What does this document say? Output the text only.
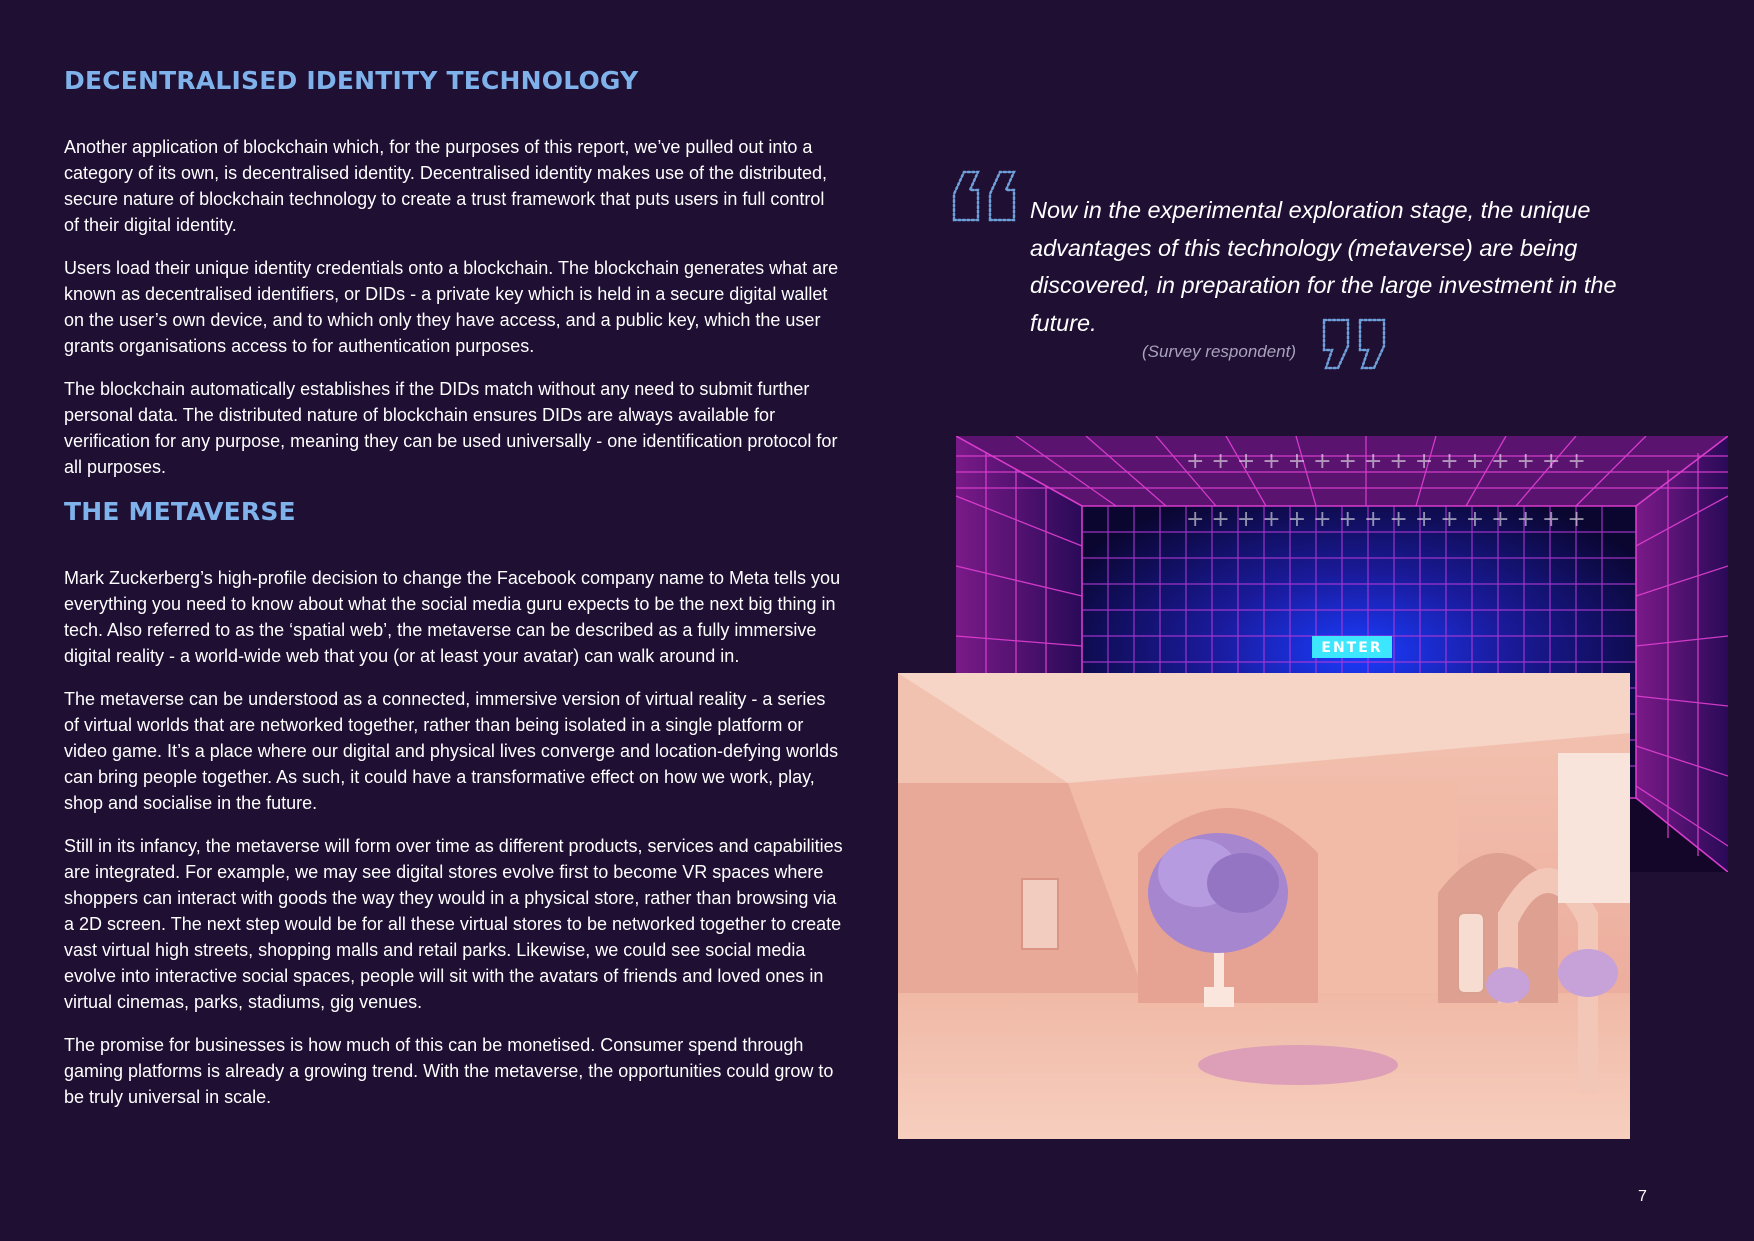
DECENTRALISED IDENTITY TECHNOLOGY

Another application of blockchain which, for the purposes of this report, we’ve pulled out into a category of its own, is decentralised identity. Decentralised identity makes use of the distributed, secure nature of blockchain technology to create a trust framework that puts users in full control of their digital identity.

Users load their unique identity credentials onto a blockchain. The blockchain generates what are known as decentralised identifiers, or DIDs - a private key which is held in a secure digital wallet on the user’s own device, and to which only they have access, and a public key, which the user grants organisations access to for authentication purposes.

The blockchain automatically establishes if the DIDs match without any need to submit further personal data. The distributed nature of blockchain ensures DIDs are always available for verification for any purpose, meaning they can be used universally - one identification protocol for all purposes.

THE METAVERSE

Mark Zuckerberg’s high-profile decision to change the Facebook company name to Meta tells you everything you need to know about what the social media guru expects to be the next big thing in tech. Also referred to as the ‘spatial web’, the metaverse can be described as a fully immersive digital reality - a world-wide web that you (or at least your avatar) can walk around in.

The metaverse can be understood as a connected, immersive version of virtual reality - a series of virtual worlds that are networked together, rather than being isolated in a single platform or video game. It’s a place where our digital and physical lives converge and location-defying worlds can bring people together. As such, it could have a transformative effect on how we work, play, shop and socialise in the future.

Still in its infancy, the metaverse will form over time as different products, services and capabilities are integrated. For example, we may see digital stores evolve first to become VR spaces where shoppers can interact with goods the way they would in a physical store, rather than browsing via a 2D screen. The next step would be for all these virtual stores to be networked together to create vast virtual high streets, shopping malls and retail parks. Likewise, we could see social media evolve into interactive social spaces, people will sit with the avatars of friends and loved ones in virtual cinemas, parks, stadiums, gig venues.

The promise for businesses is how much of this can be monetised. Consumer spend through gaming platforms is already a growing trend. With the metaverse, the opportunities could grow to be truly universal in scale.

Now in the experimental exploration stage, the unique advantages of this technology (metaverse) are being discovered, in preparation for the large investment in the future.
(Survey respondent)
+ + + + + + + + + + + + + + + +
+ + + + + + + + + + + + + + + +
ENTER
7
